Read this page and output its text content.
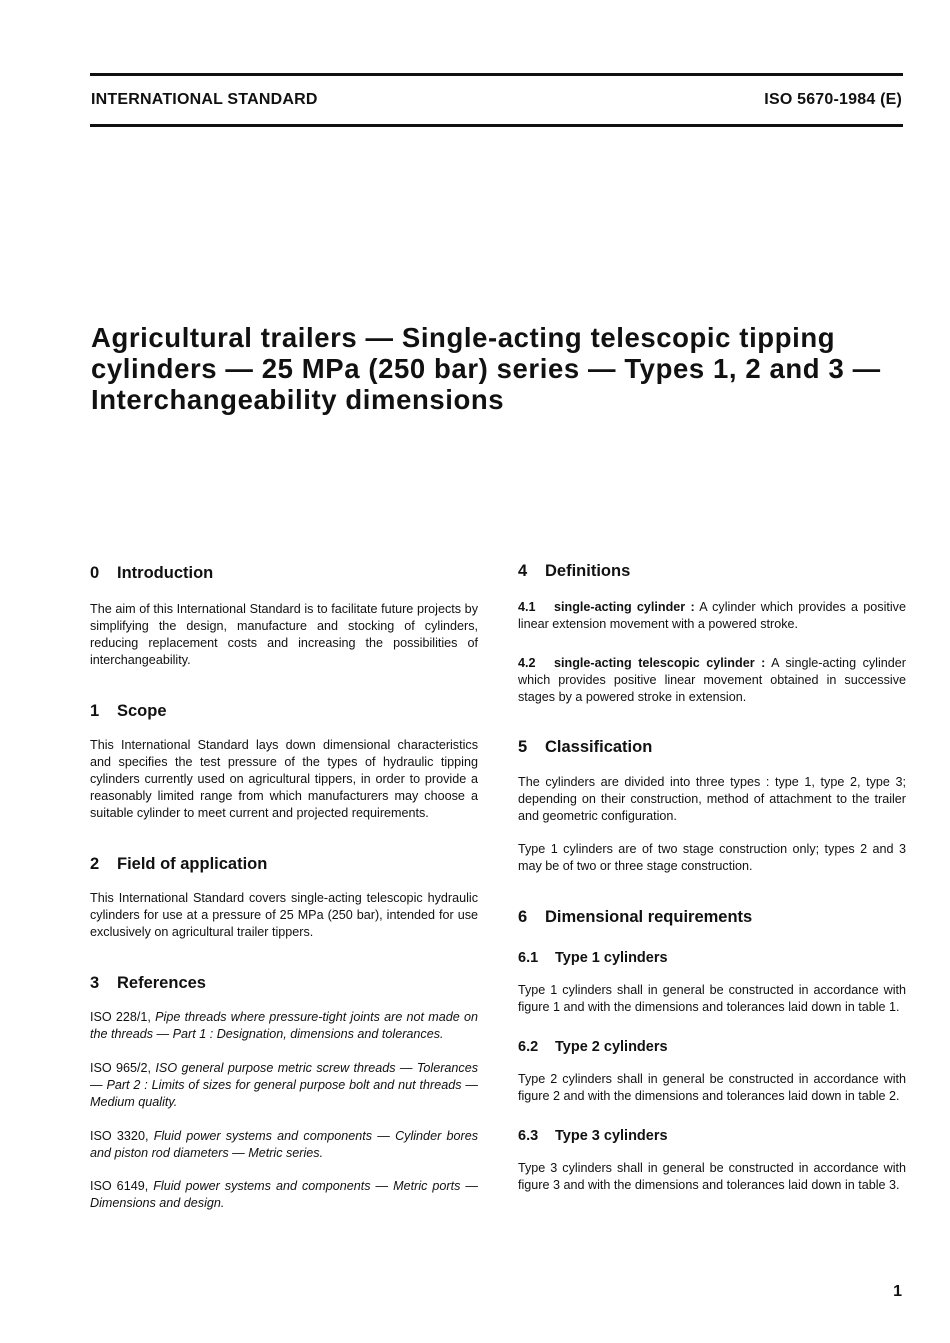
INTERNATIONAL STANDARD	ISO 5670-1984 (E)
Agricultural trailers — Single-acting telescopic tipping
cylinders — 25 MPa (250 bar) series — Types 1, 2 and 3 —
Interchangeability dimensions
0 Introduction

The aim of this International Standard is to facilitate future projects by simplifying the design, manufacture and stocking of cylinders, reducing replacement costs and increasing the possibilities of interchangeability.

1 Scope

This International Standard lays down dimensional characteristics and specifies the test pressure of the types of hydraulic tipping cylinders currently used on agricultural tippers, in order to provide a reasonably limited range from which manufacturers may choose a suitable cylinder to meet current and projected requirements.

2 Field of application

This International Standard covers single-acting telescopic hydraulic cylinders for use at a pressure of 25 MPa (250 bar), intended for use exclusively on agricultural trailer tippers.

3 References

ISO 228/1, Pipe threads where pressure-tight joints are not made on the threads — Part 1 : Designation, dimensions and tolerances.

ISO 965/2, ISO general purpose metric screw threads — Tolerances — Part 2 : Limits of sizes for general purpose bolt and nut threads — Medium quality.

ISO 3320, Fluid power systems and components — Cylinder bores and piston rod diameters — Metric series.

ISO 6149, Fluid power systems and components — Metric ports — Dimensions and design.

4 Definitions

4.1 single-acting cylinder : A cylinder which provides a positive linear extension movement with a powered stroke.

4.2 single-acting telescopic cylinder : A single-acting cylinder which provides positive linear movement obtained in successive stages by a powered stroke in extension.

5 Classification

The cylinders are divided into three types : type 1, type 2, type 3; depending on their construction, method of attachment to the trailer and geometric configuration.

Type 1 cylinders are of two stage construction only; types 2 and 3 may be of two or three stage construction.

6 Dimensional requirements
6.1 Type 1 cylinders

Type 1 cylinders shall in general be constructed in accordance with figure 1 and with the dimensions and tolerances laid down in table 1.

6.2 Type 2 cylinders

Type 2 cylinders shall in general be constructed in accordance with figure 2 and with the dimensions and tolerances laid down in table 2.

6.3 Type 3 cylinders

Type 3 cylinders shall in general be constructed in accordance with figure 3 and with the dimensions and tolerances laid down in table 3.

1
